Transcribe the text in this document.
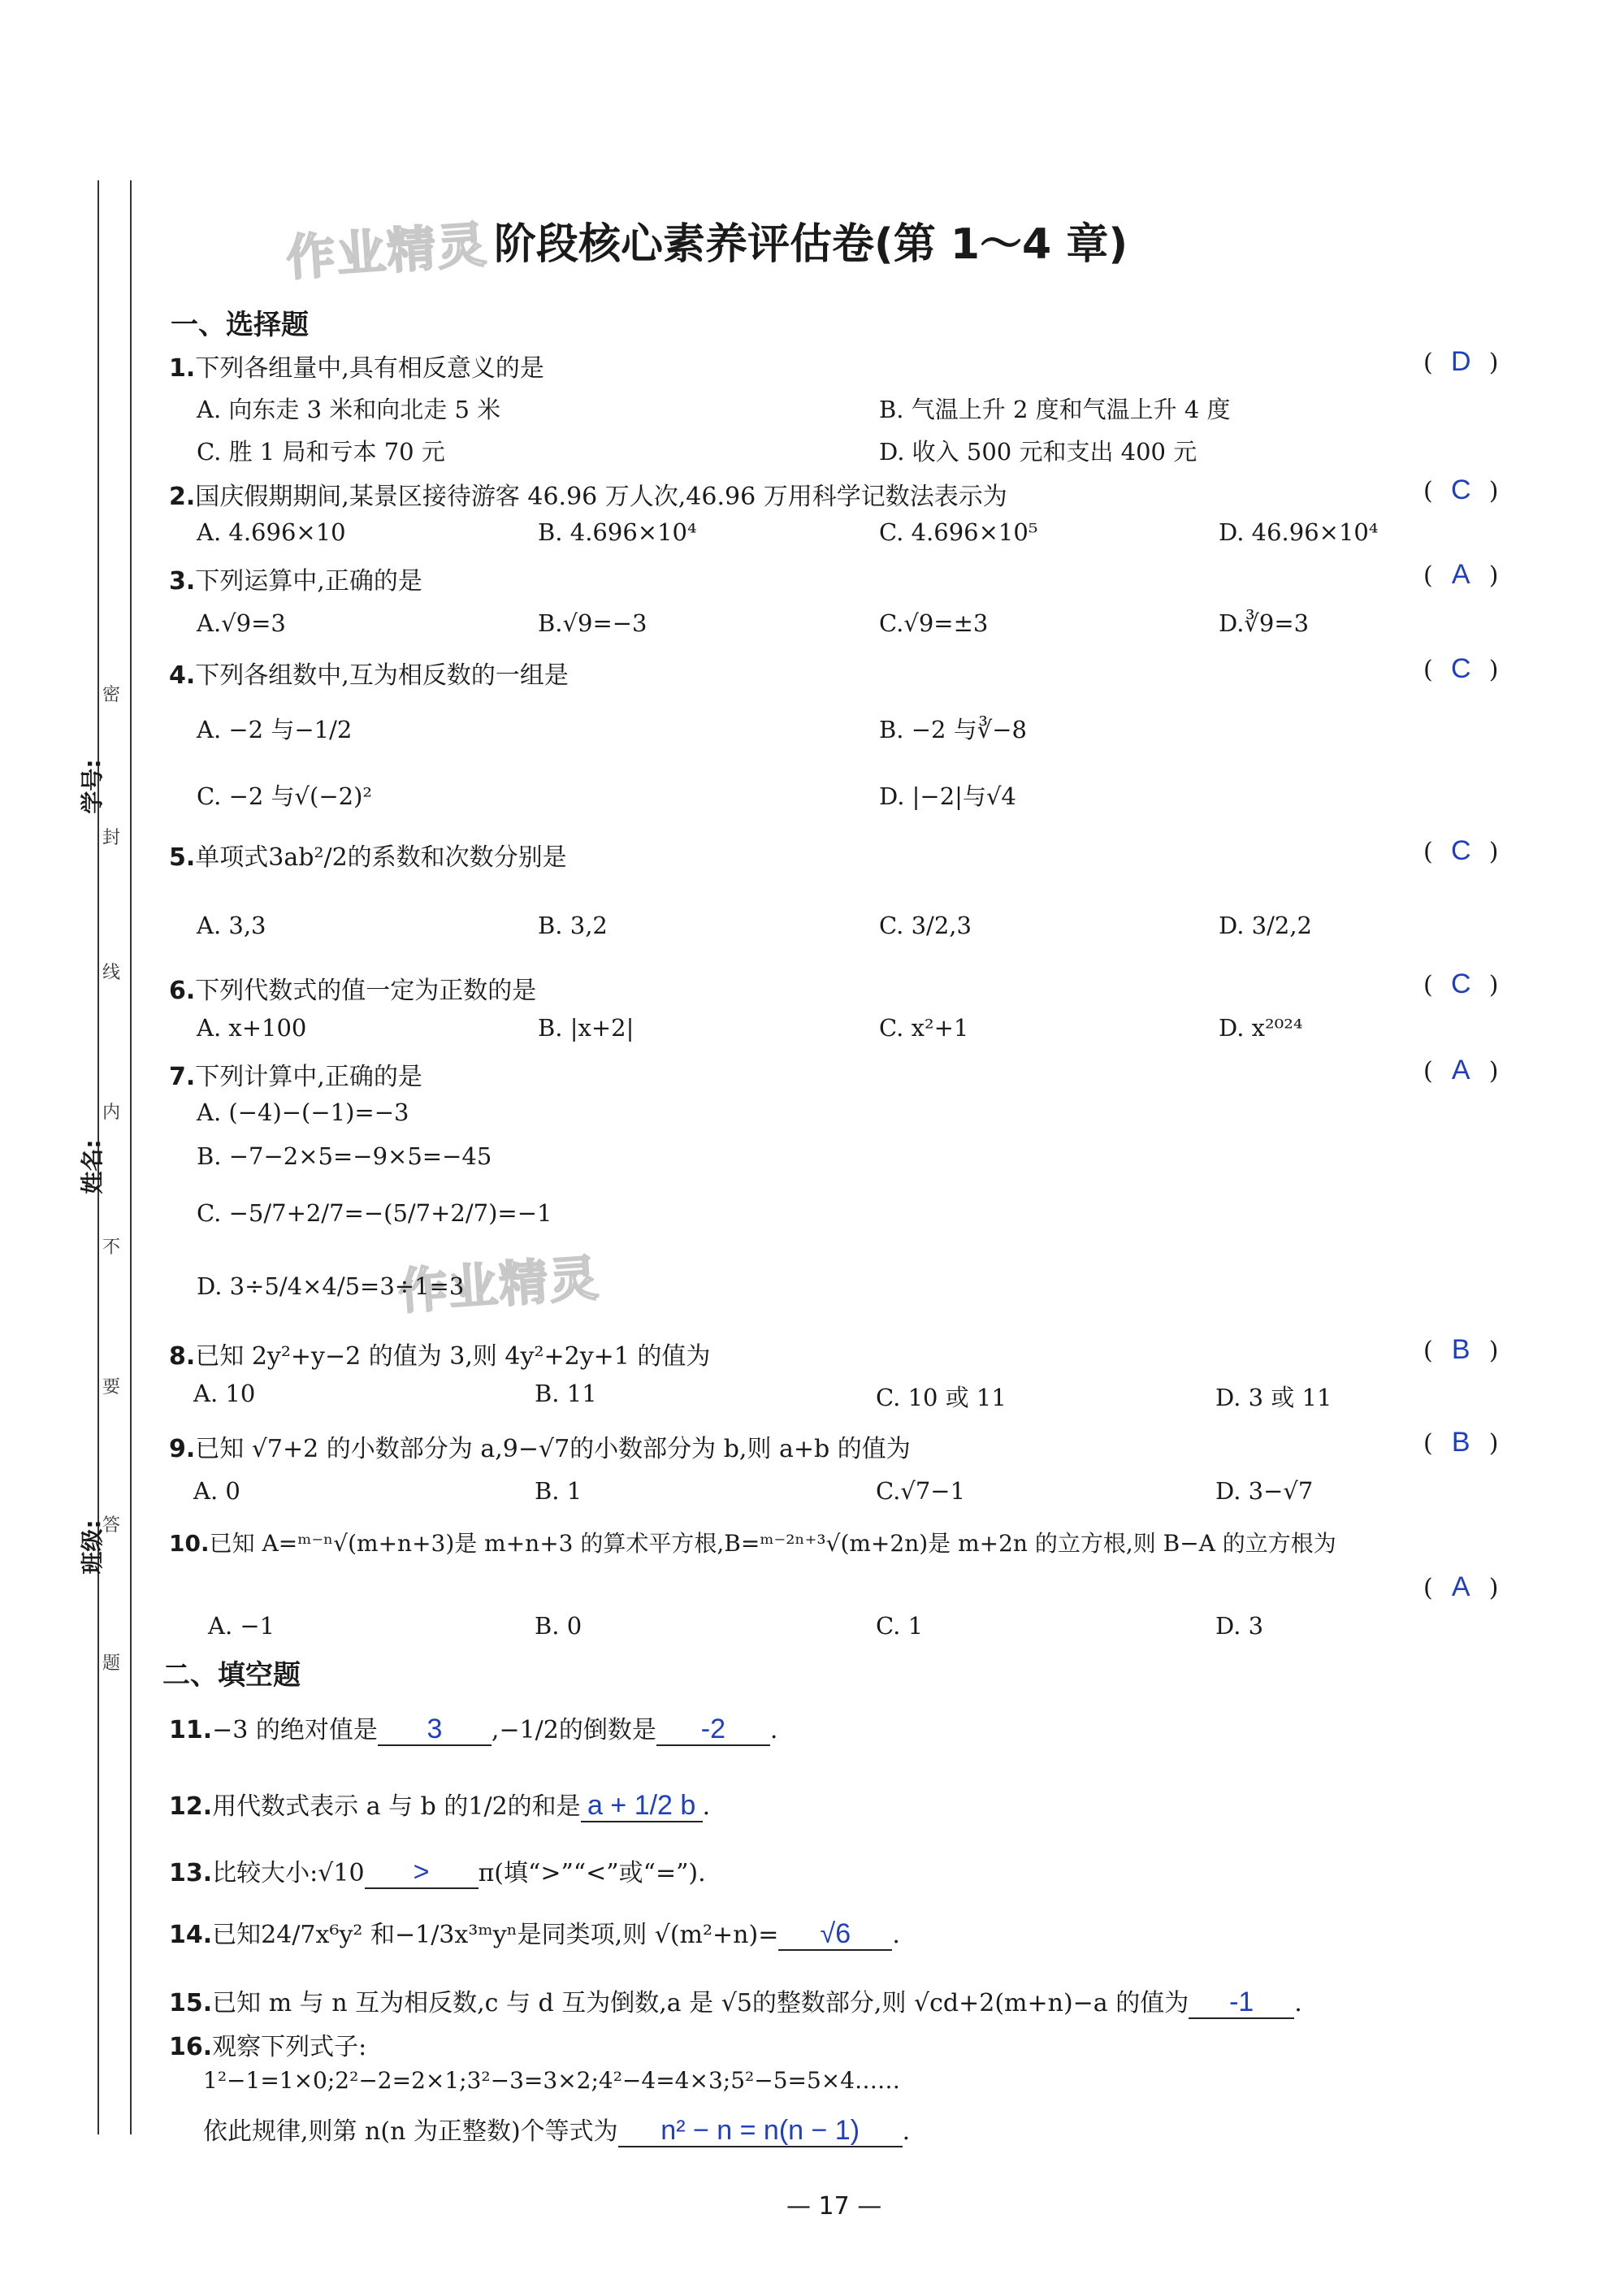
学号:
姓名:
班级:
密
封
线
内
不
要
答
题
作业精灵
作业精灵
阶段核心素养评估卷(第 1～4 章)
一、选择题
1.下列各组量中,具有相反意义的是	( D )
A. 向东走 3 米和向北走 5 米	B. 气温上升 2 度和气温上升 4 度
C. 胜 1 局和亏本 70 元	D. 收入 500 元和支出 400 元
2.国庆假期期间,某景区接待游客 46.96 万人次,46.96 万用科学记数法表示为	( C )
A. 4.696×10	B. 4.696×10⁴	C. 4.696×10⁵	D. 46.96×10⁴
3.下列运算中,正确的是	( A )
A.√9=3	B.√9=−3	C.√9=±3	D.∛9=3
4.下列各组数中,互为相反数的一组是	( C )
A. −2 与−1/2	B. −2 与∛−8
C. −2 与√(−2)²	D. |−2|与√4
5.单项式3ab²/2的系数和次数分别是	( C )
A. 3,3	B. 3,2	C. 3/2,3	D. 3/2,2
6.下列代数式的值一定为正数的是	( C )
A. x+100	B. |x+2|	C. x²+1	D. x²⁰²⁴
7.下列计算中,正确的是	( A )
A. (−4)−(−1)=−3
B. −7−2×5=−9×5=−45
C. −5/7+2/7=−(5/7+2/7)=−1
D. 3÷5/4×4/5=3÷1=3
8.已知 2y²+y−2 的值为 3,则 4y²+2y+1 的值为	( B )
A. 10	B. 11	C. 10 或 11	D. 3 或 11
9.已知 √7+2 的小数部分为 a,9−√7的小数部分为 b,则 a+b 的值为	( B )
A. 0	B. 1	C.√7−1	D. 3−√7
10.已知 A=ᵐ⁻ⁿ√(m+n+3)是 m+n+3 的算术平方根,B=ᵐ⁻²ⁿ⁺³√(m+2n)是 m+2n 的立方根,则 B−A 的立方根为
( A )
A. −1	B. 0	C. 1	D. 3
二、填空题
11.−3 的绝对值是 3 ,−1/2的倒数是 -2 .
12.用代数式表示 a 与 b 的1/2的和是 a + 1/2 b .
13.比较大小:√10 > π(填“>”“<”或“=”).
14.已知24/7x⁶y² 和−1/3x³ᵐyⁿ是同类项,则 √(m²+n)= √6 .
15.已知 m 与 n 互为相反数,c 与 d 互为倒数,a 是 √5的整数部分,则 √cd+2(m+n)−a 的值为 -1 .
16.观察下列式子:
1²−1=1×0;2²−2=2×1;3²−3=3×2;4²−4=4×3;5²−5=5×4……
依此规律,则第 n(n 为正整数)个等式为 n² − n = n(n − 1) .
— 17 —
